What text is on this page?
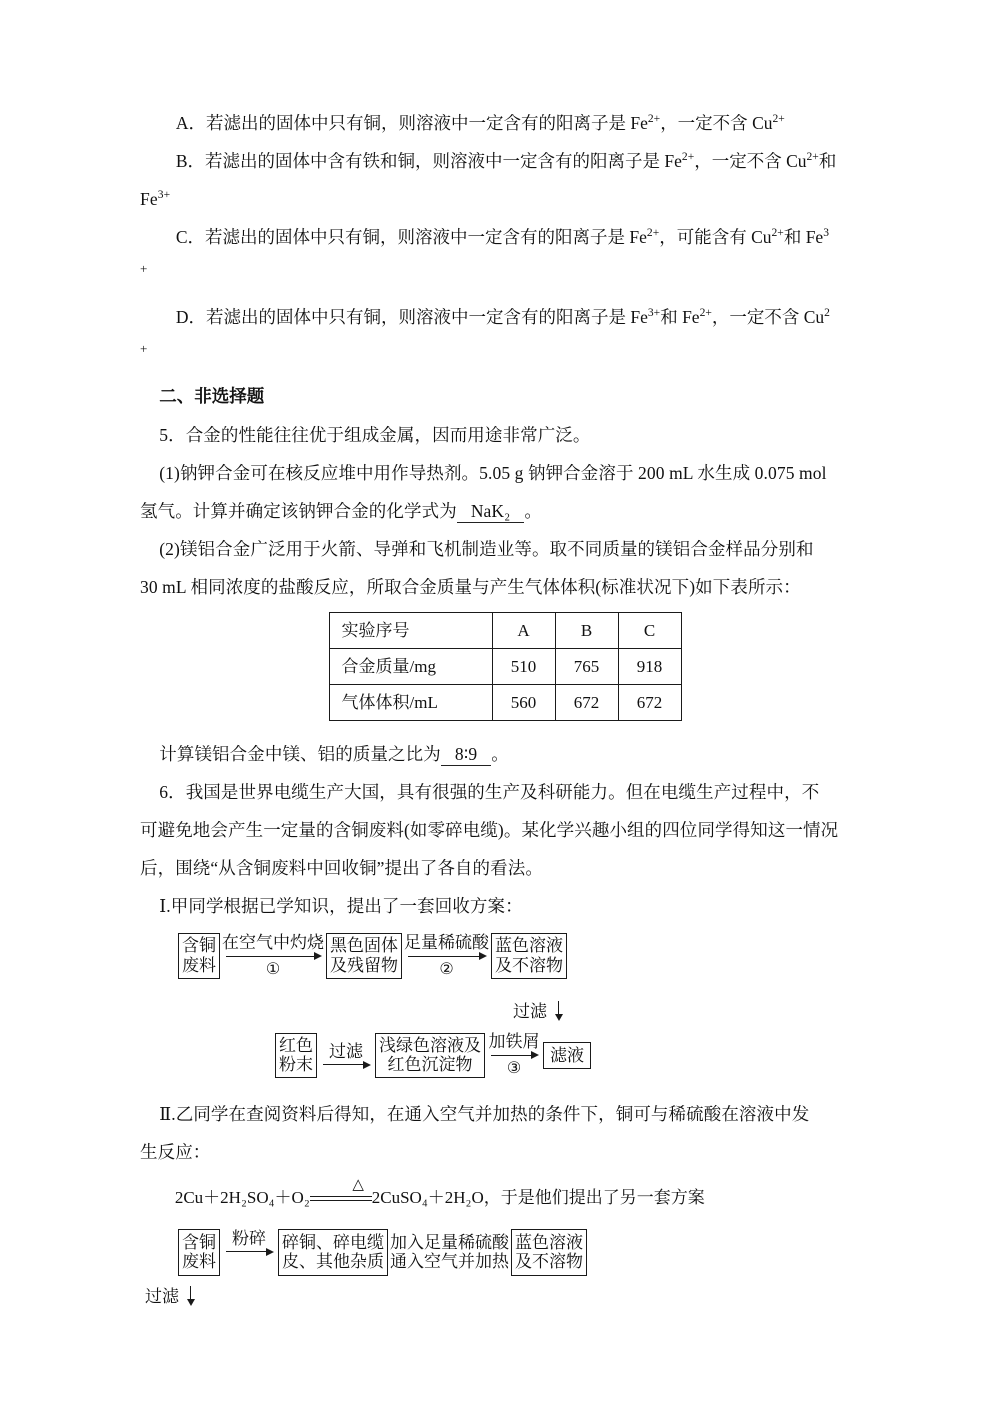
A．若滤出的固体中只有铜，则溶液中一定含有的阳离子是 $Fe^{2+}$，一定不含 $Cu^{2+}$

B．若滤出的固体中含有铁和铜，则溶液中一定含有的阳离子是 $Fe^{2+}$，一定不含 $Cu^{2+}$和

$Fe^{3+}$

C．若滤出的固体中只有铜，则溶液中一定含有的阳离子是 $Fe^{2+}$，可能含有 $Cu^{2+}$和 Fe$^3$

+

D．若滤出的固体中只有铜，则溶液中一定含有的阳离子是 $Fe^{3+}$和 $Fe^{2+}$，一定不含 Cu$^2$

+

二、非选择题

5．合金的性能往往优于组成金属，因而用途非常广泛。

(1)钠钾合金可在核反应堆中用作导热剂。5.05 g 钠钾合金溶于 200 mL 水生成 0.075 mol

氢气。计算并确定该钠钾合金的化学式为 NaK₂ 。

(2)镁铝合金广泛用于火箭、导弹和飞机制造业等。取不同质量的镁铝合金样品分别和

30 mL 相同浓度的盐酸反应，所取合金质量与产生气体体积(标准状况下)如下表所示：

实验序号	A	B	C
合金质量/mg	510	765	918
气体体积/mL	560	672	672

计算镁铝合金中镁、铝的质量之比为 8∶9 。

6．我国是世界电缆生产大国，具有很强的生产及科研能力。但在电缆生产过程中，不

可避免地会产生一定量的含铜废料(如零碎电缆)。某化学兴趣小组的四位同学得知这一情况

后，围绕“从含铜废料中回收铜”提出了各自的看法。

Ⅰ.甲同学根据已学知识，提出了一套回收方案：

含铜
废料
在空气中灼烧
①
黑色固体
及残留物
足量稀硫酸
②
蓝色溶液
及不溶物
过滤
红色
粉末
过滤 浅绿色溶液及
红色沉淀物
加铁屑
③
滤液

Ⅱ.乙同学在查阅资料后得知，在通入空气并加热的条件下，铜可与稀硫酸在溶液中发

生反应：

2Cu＋2H₂SO₄＋O₂
△
2CuSO₄＋2H₂O，于是他们提出了另一套方案

含铜
废料
粉碎
碎铜、碎电缆
皮、其他杂质
加入足量稀硫酸
通入空气并加热
蓝色溶液
及不溶物
过滤
